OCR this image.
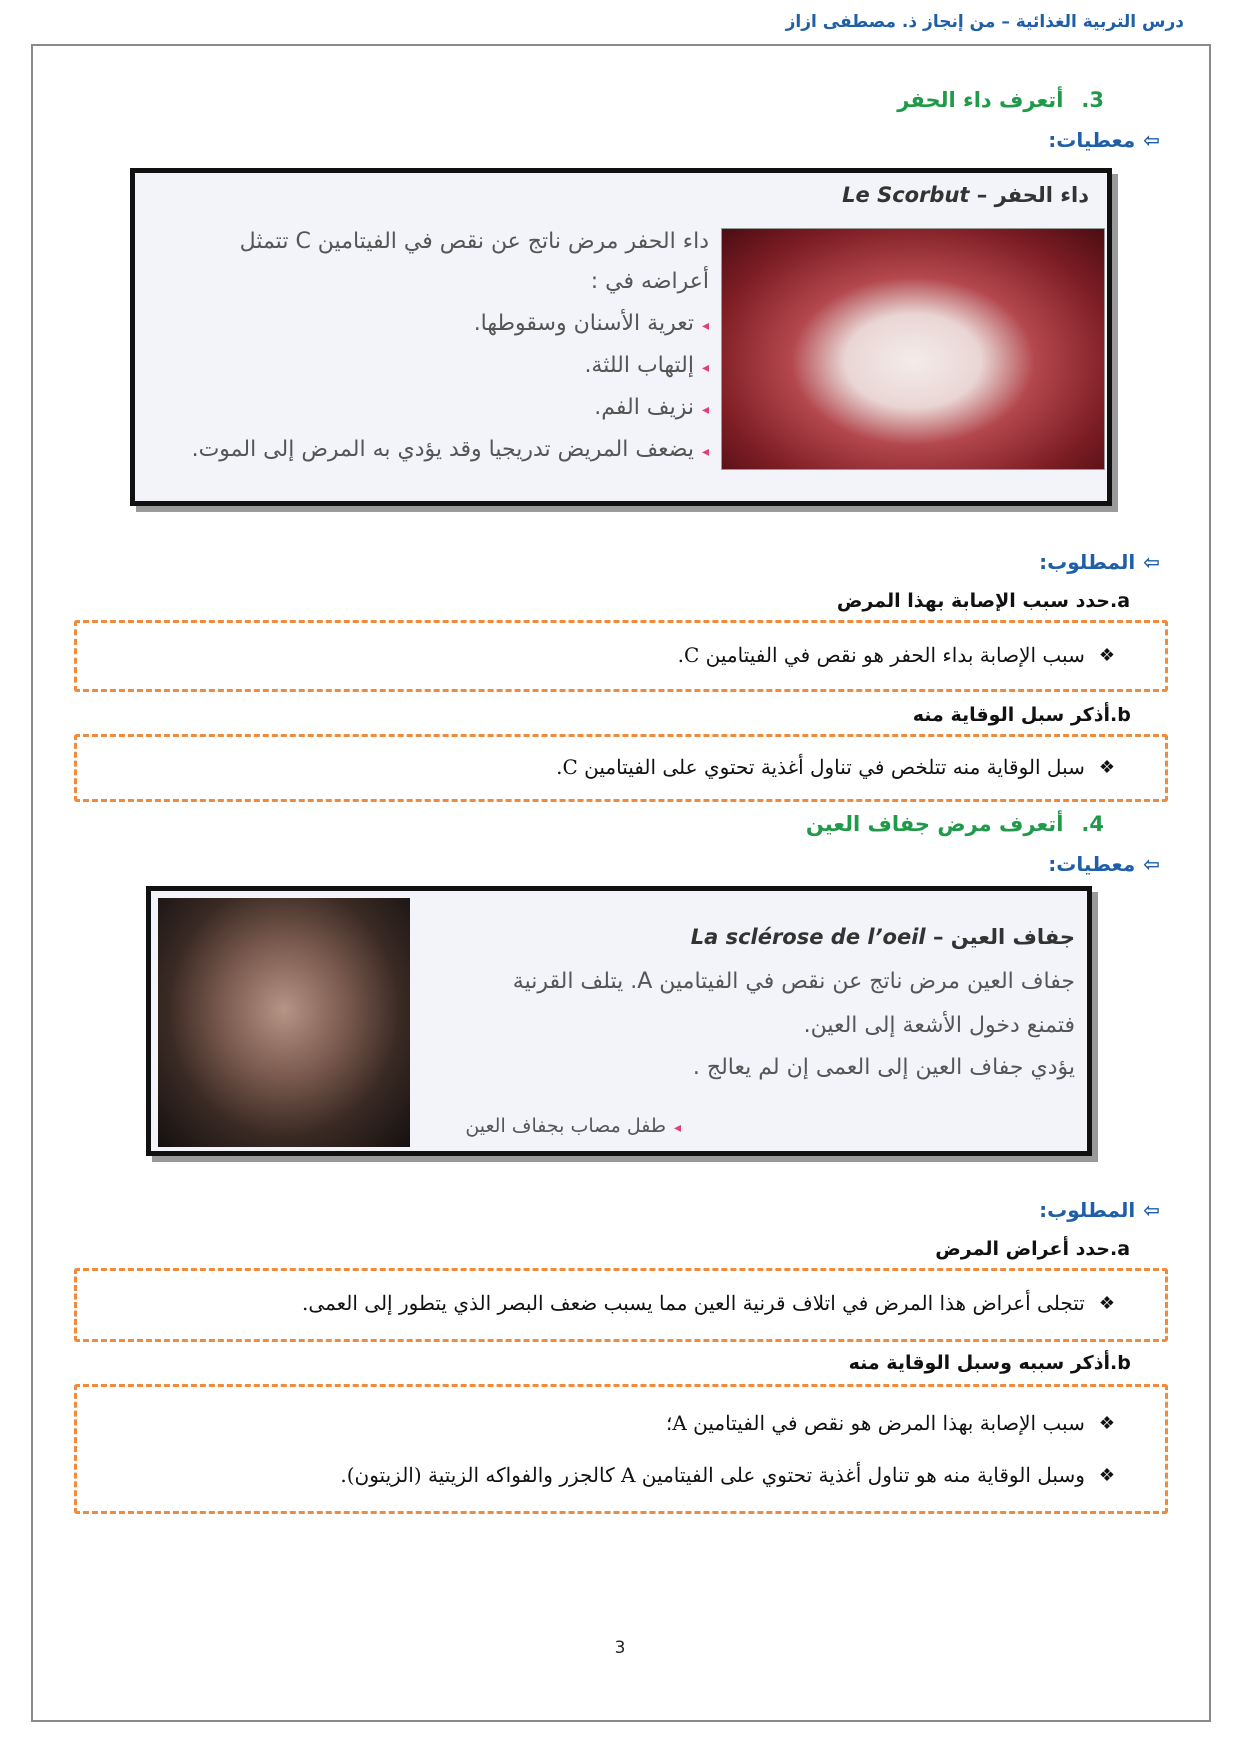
درس التربية الغذائية – من إنجاز ذ. مصطفى ازاز
3.أتعرف داء الحفر
⇦
معطيات:
داء الحفر – Le Scorbut
داء الحفر مرض ناتج عن نقص في الفيتامين C تتمثل
أعراضه في :
◂تعرية الأسنان وسقوطها.
◂إلتهاب اللثة.
◂نزيف الفم.
◂يضعف المريض تدريجيا وقد يؤدي به المرض إلى الموت.
⇦
المطلوب:
a.
حدد سبب الإصابة بهذا المرض
❖
سبب الإصابة بداء الحفر هو نقص في الفيتامين C.
b.
أذكر سبل الوقاية منه
❖
سبل الوقاية منه تتلخص في تناول أغذية تحتوي على الفيتامين C.
4.أتعرف مرض جفاف العين
⇦
معطيات:
جفاف العين – La sclérose de l’oeil
جفاف العين مرض ناتج عن نقص في الفيتامين A. يتلف القرنية
فتمنع دخول الأشعة إلى العين.
يؤدي جفاف العين إلى العمى إن لم يعالج .
◂طفل مصاب بجفاف العين
⇦
المطلوب:
a.
حدد أعراض المرض
❖
تتجلى أعراض هذا المرض في اتلاف قرنية العين مما يسبب ضعف البصر الذي يتطور إلى العمى.
b.
أذكر سببه وسبل الوقاية منه
❖
سبب الإصابة بهذا المرض هو نقص في الفيتامين A؛
❖
وسبل الوقاية منه هو تناول أغذية تحتوي على الفيتامين A كالجزر والفواكه الزيتية (الزيتون).
3
